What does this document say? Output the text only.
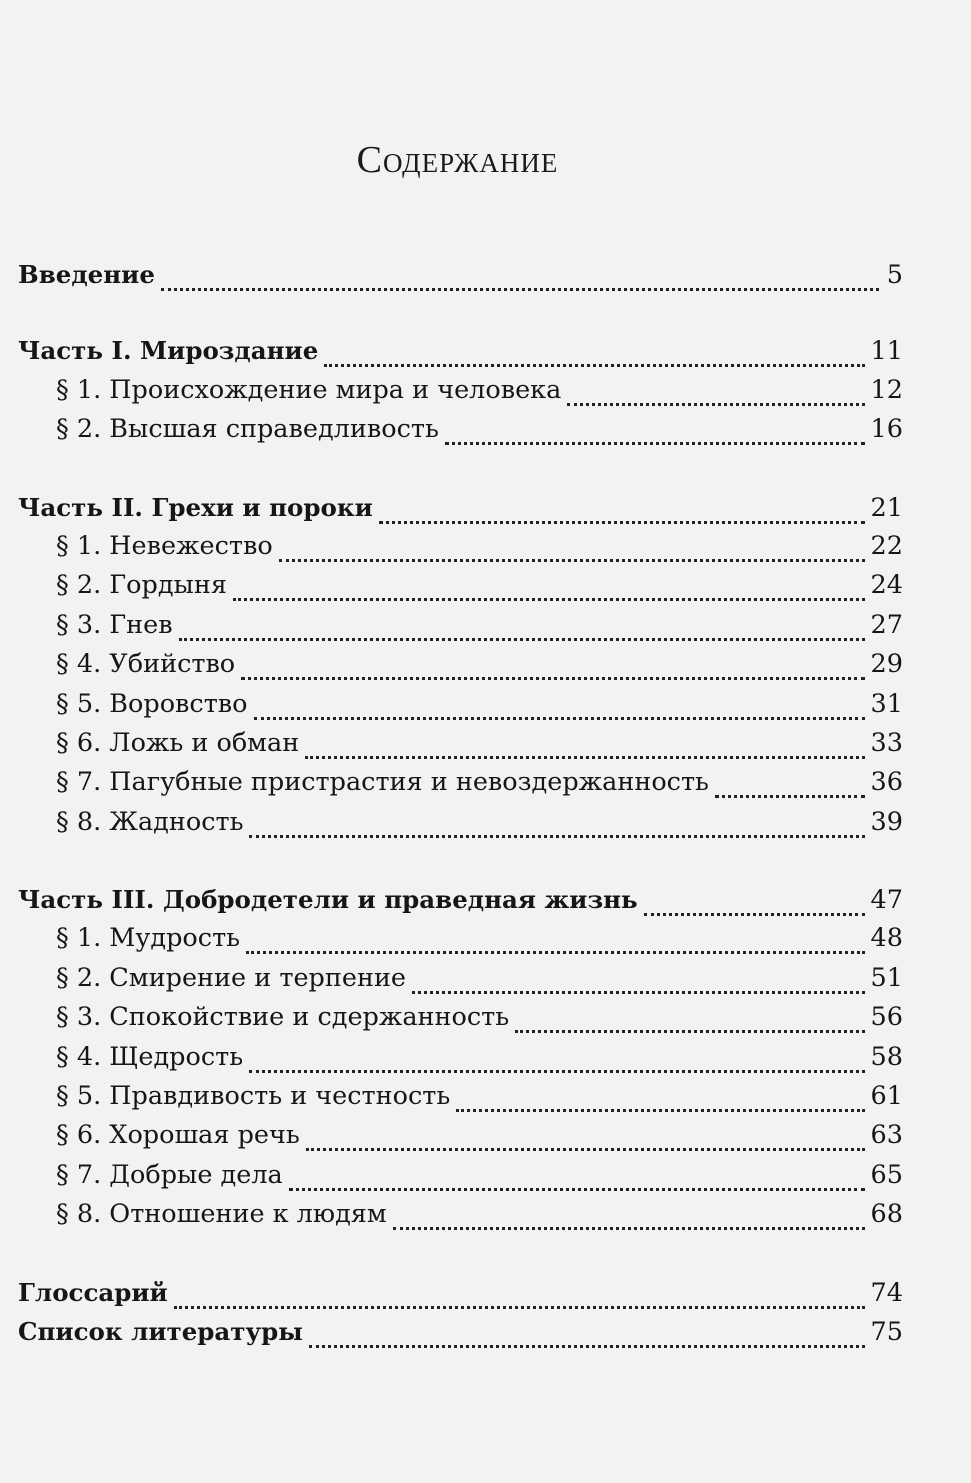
Содержание
Введение	5
Часть I. Мироздание	11
§ 1. Происхождение мира и человека	12
§ 2. Высшая справедливость	16
Часть II. Грехи и пороки	21
§ 1. Невежество	22
§ 2. Гордыня	24
§ 3. Гнев	27
§ 4. Убийство	29
§ 5. Воровство	31
§ 6. Ложь и обман	33
§ 7. Пагубные пристрастия и невоздержанность	36
§ 8. Жадность	39
Часть III. Добродетели и праведная жизнь	47
§ 1. Мудрость	48
§ 2. Смирение и терпение	51
§ 3. Спокойствие и сдержанность	56
§ 4. Щедрость	58
§ 5. Правдивость и честность	61
§ 6. Хорошая речь	63
§ 7. Добрые дела	65
§ 8. Отношение к людям	68
Глоссарий	74
Список литературы	75
